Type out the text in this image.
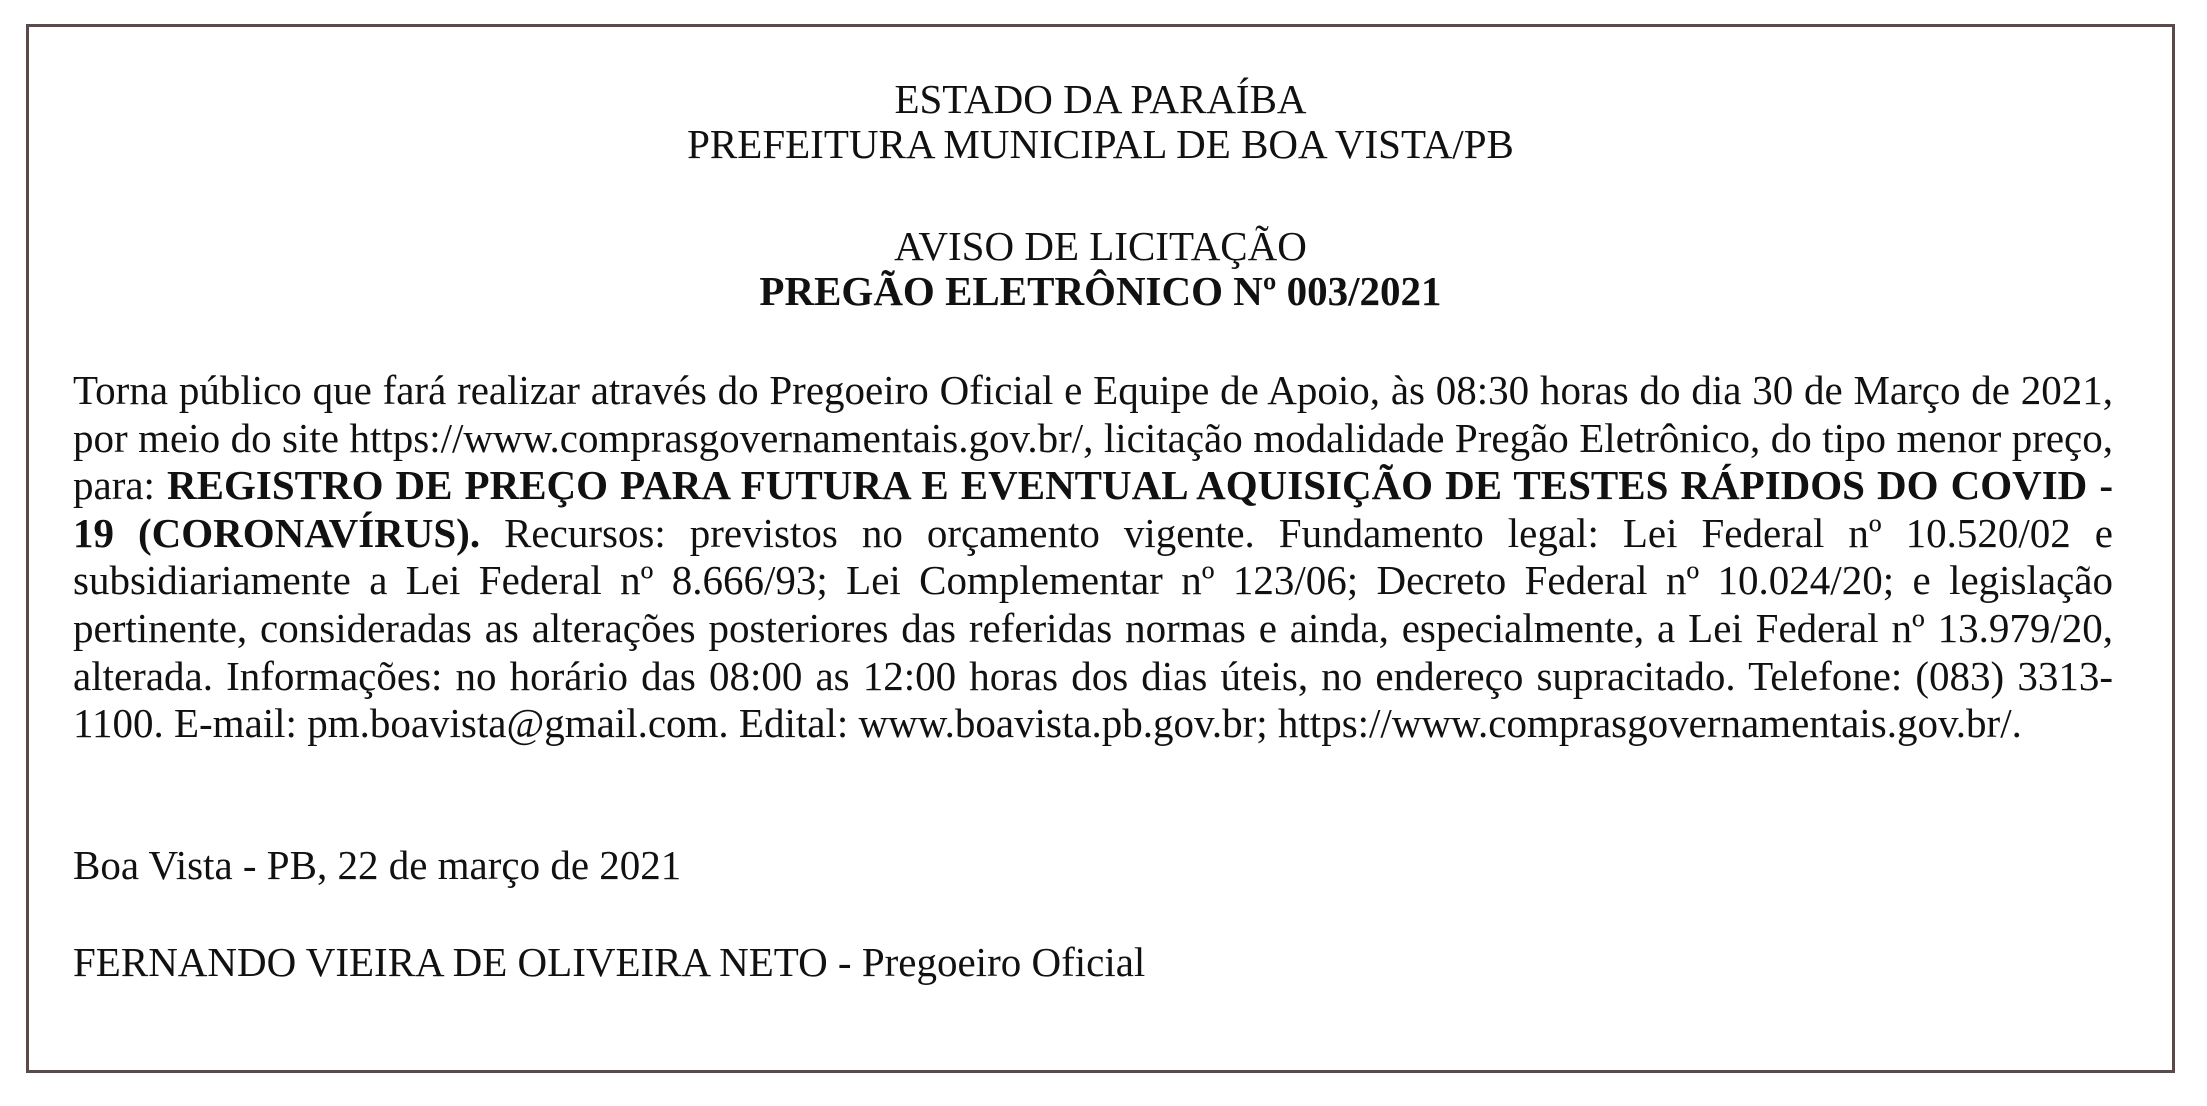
ESTADO DA PARAÍBA
PREFEITURA MUNICIPAL DE BOA VISTA/PB
AVISO DE LICITAÇÃO
PREGÃO ELETRÔNICO Nº 003/2021
Torna público que fará realizar através do Pregoeiro Oficial e Equipe de Apoio, às 08:30 horas do dia 30 de Março de 2021, por meio do site https://www.comprasgovernamentais.gov.br/, licitação modalidade Pregão Eletrônico, do tipo menor preço, para: REGISTRO DE PREÇO PARA FUTURA E EVENTUAL AQUISIÇÃO DE TESTES RÁPIDOS DO COVID - 19 (CORONAVÍRUS). Recursos: previstos no orçamento vigente. Fundamento legal: Lei Federal nº 10.520/02 e subsidiariamente a Lei Federal nº 8.666/93; Lei Complementar nº 123/06; Decreto Federal nº 10.024/20; e legislação pertinente, consideradas as alterações posteriores das referidas normas e ainda, especialmente, a Lei Federal nº 13.979/20, alterada. Informações: no horário das 08:00 as 12:00 horas dos dias úteis, no endereço supracitado. Telefone: (083) 3313-1100. E-mail: pm.boavista@gmail.com. Edital: www.boavista.pb.gov.br; https://www.comprasgovernamentais.gov.br/.
Boa Vista - PB, 22 de março de 2021
FERNANDO VIEIRA DE OLIVEIRA NETO - Pregoeiro Oficial
